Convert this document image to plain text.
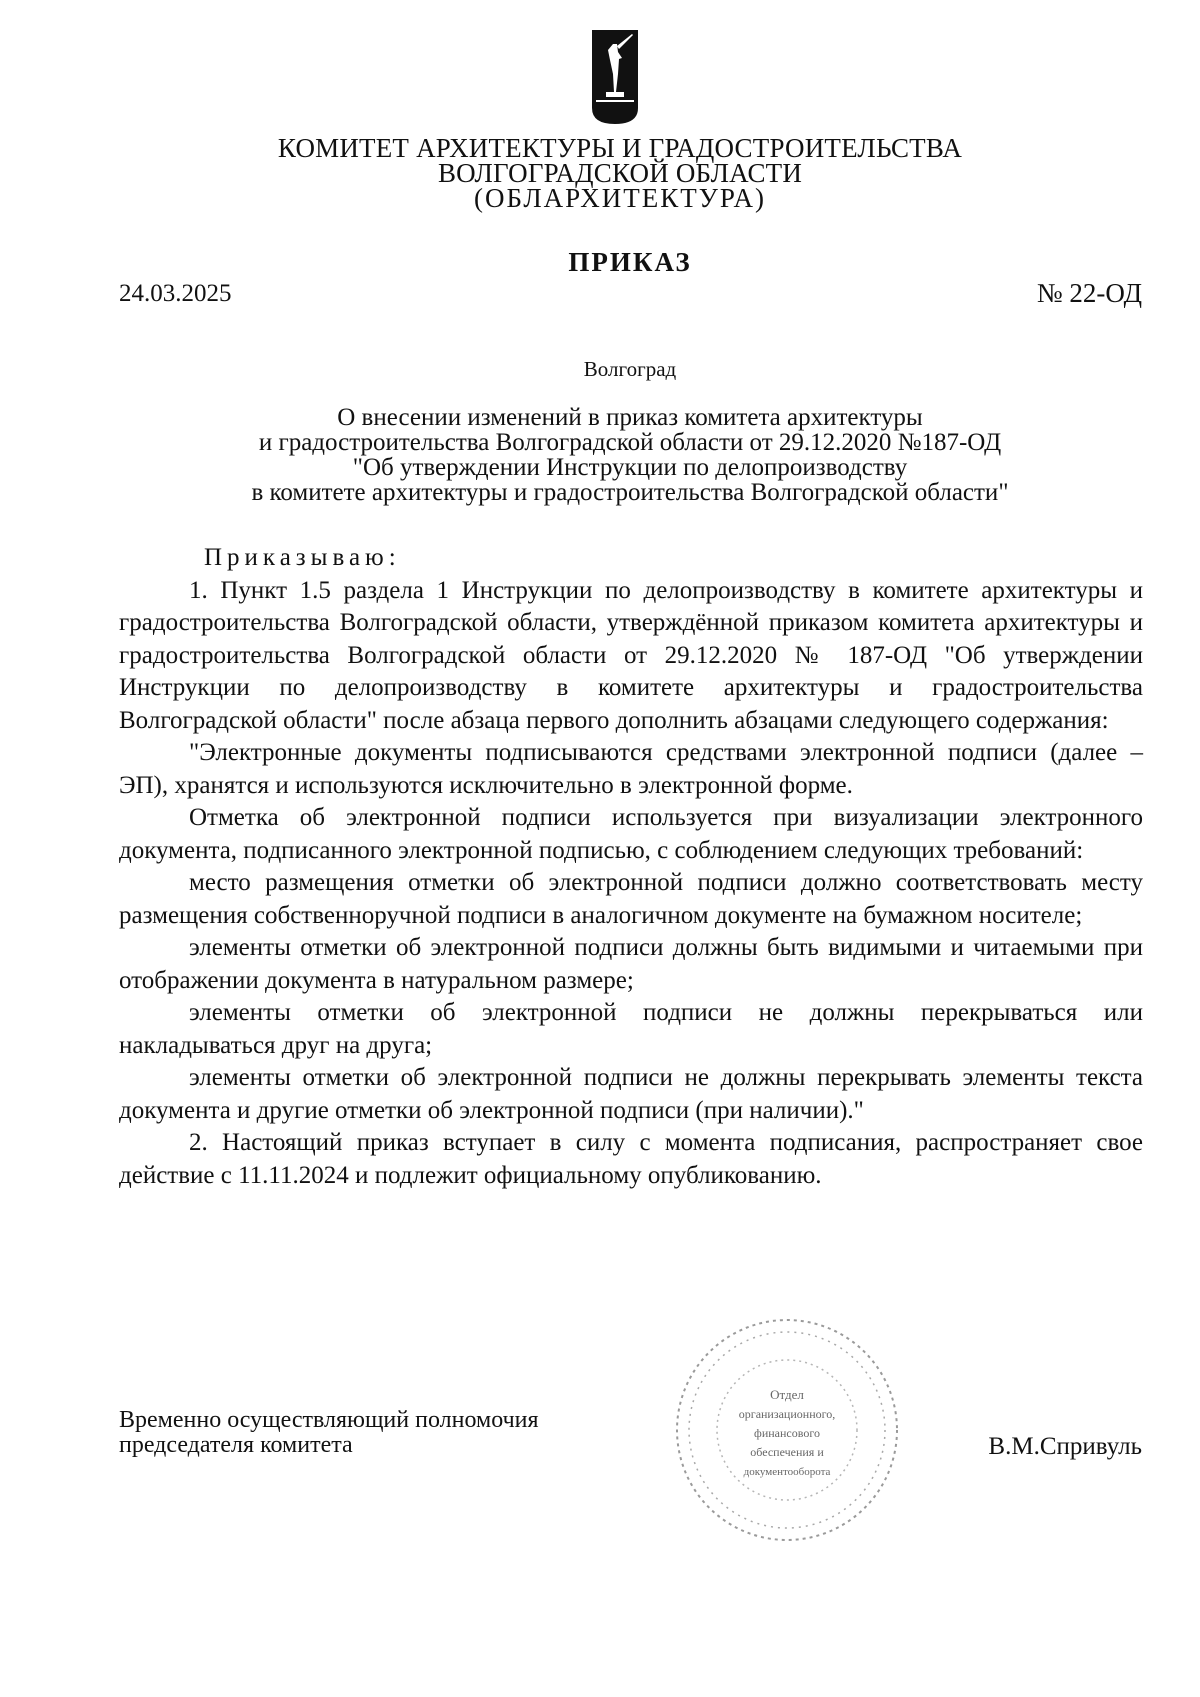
КОМИТЕТ АРХИТЕКТУРЫ И ГРАДОСТРОИТЕЛЬСТВА
ВОЛГОГРАДСКОЙ ОБЛАСТИ
(ОБЛАРХИТЕКТУРА)
ПРИКАЗ
24.03.2025	№ 22-ОД
Волгоград
О внесении изменений в приказ комитета архитектуры
и градостроительства Волгоградской области от 29.12.2020 №187-ОД
"Об утверждении Инструкции по делопроизводству
в комитете архитектуры и градостроительства Волгоградской области"

Приказываю:

1. Пункт 1.5 раздела 1 Инструкции по делопроизводству в комитете архитектуры и градостроительства Волгоградской области, утверждённой приказом комитета архитектуры и градостроительства Волгоградской области от 29.12.2020 № 187-ОД "Об утверждении Инструкции по делопроизводству в комитете архитектуры и градостроительства Волгоградской области" после абзаца первого дополнить абзацами следующего содержания:

"Электронные документы подписываются средствами электронной подписи (далее – ЭП), хранятся и используются исключительно в электронной форме.

Отметка об электронной подписи используется при визуализации электронного документа, подписанного электронной подписью, с соблюдением следующих требований:

место размещения отметки об электронной подписи должно соответствовать месту размещения собственноручной подписи в аналогичном документе на бумажном носителе;

элементы отметки об электронной подписи должны быть видимыми и читаемыми при отображении документа в натуральном размере;

элементы отметки об электронной подписи не должны перекрываться или накладываться друг на друга;

элементы отметки об электронной подписи не должны перекрывать элементы текста документа и другие отметки об электронной подписи (при наличии)."

2. Настоящий приказ вступает в силу с момента подписания, распространяет свое действие с 11.11.2024 и подлежит официальному опубликованию.

Временно осуществляющий полномочия
председателя комитета	В.М.Спривуль
Отдел
организационного,
финансового
обеспечения и
документооборота
